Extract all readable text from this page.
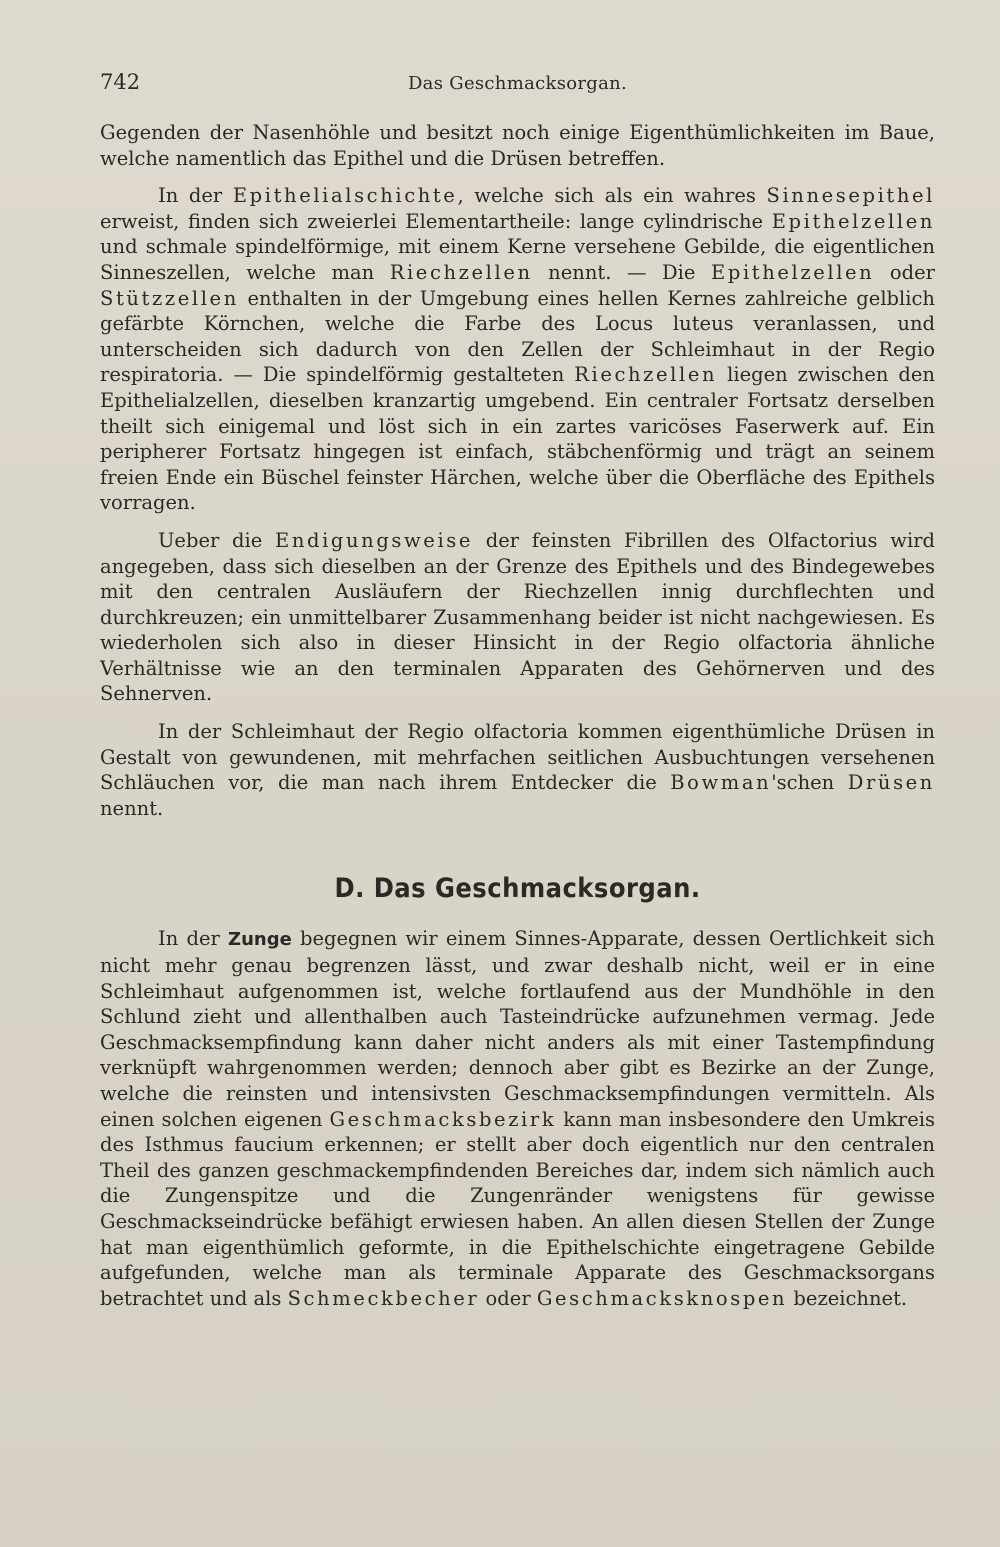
742	Das Geschmacksorgan.

Gegenden der Nasenhöhle und besitzt noch einige Eigenthümlichkeiten im Baue, welche namentlich das Epithel und die Drüsen betreffen.

In der Epithelialschichte, welche sich als ein wahres Sinnesepithel erweist, finden sich zweierlei Elementartheile: lange cylindrische Epithelzellen und schmale spindelförmige, mit einem Kerne versehene Gebilde, die eigentlichen Sinneszellen, welche man Riechzellen nennt. — Die Epithelzellen oder Stützzellen enthalten in der Umgebung eines hellen Kernes zahlreiche gelblich gefärbte Körnchen, welche die Farbe des Locus luteus veranlassen, und unterscheiden sich dadurch von den Zellen der Schleimhaut in der Regio respiratoria. — Die spindelförmig gestalteten Riechzellen liegen zwischen den Epithelialzellen, dieselben kranzartig umgebend. Ein centraler Fortsatz derselben theilt sich einigemal und löst sich in ein zartes varicöses Faserwerk auf. Ein peripherer Fortsatz hingegen ist einfach, stäbchenförmig und trägt an seinem freien Ende ein Büschel feinster Härchen, welche über die Oberfläche des Epithels vorragen.

Ueber die Endigungsweise der feinsten Fibrillen des Olfactorius wird angegeben, dass sich dieselben an der Grenze des Epithels und des Bindegewebes mit den centralen Ausläufern der Riechzellen innig durchflechten und durchkreuzen; ein unmittelbarer Zusammenhang beider ist nicht nachgewiesen. Es wiederholen sich also in dieser Hinsicht in der Regio olfactoria ähnliche Verhältnisse wie an den terminalen Apparaten des Gehörnerven und des Sehnerven.

In der Schleimhaut der Regio olfactoria kommen eigenthümliche Drüsen in Gestalt von gewundenen, mit mehrfachen seitlichen Ausbuchtungen versehenen Schläuchen vor, die man nach ihrem Entdecker die Bowman'schen Drüsen nennt.

D. Das Geschmacksorgan.

In der Zunge begegnen wir einem Sinnes-Apparate, dessen Oertlichkeit sich nicht mehr genau begrenzen lässt, und zwar deshalb nicht, weil er in eine Schleimhaut aufgenommen ist, welche fortlaufend aus der Mundhöhle in den Schlund zieht und allenthalben auch Tasteindrücke aufzunehmen vermag. Jede Geschmacksempfindung kann daher nicht anders als mit einer Tastempfindung verknüpft wahrgenommen werden; dennoch aber gibt es Bezirke an der Zunge, welche die reinsten und intensivsten Geschmacksempfindungen vermitteln. Als einen solchen eigenen Geschmacksbezirk kann man insbesondere den Umkreis des Isthmus faucium erkennen; er stellt aber doch eigentlich nur den centralen Theil des ganzen geschmackempfindenden Bereiches dar, indem sich nämlich auch die Zungenspitze und die Zungenränder wenigstens für gewisse Geschmackseindrücke befähigt erwiesen haben. An allen diesen Stellen der Zunge hat man eigenthümlich geformte, in die Epithelschichte eingetragene Gebilde aufgefunden, welche man als terminale Apparate des Geschmacksorgans betrachtet und als Schmeckbecher oder Geschmacksknospen bezeichnet.
